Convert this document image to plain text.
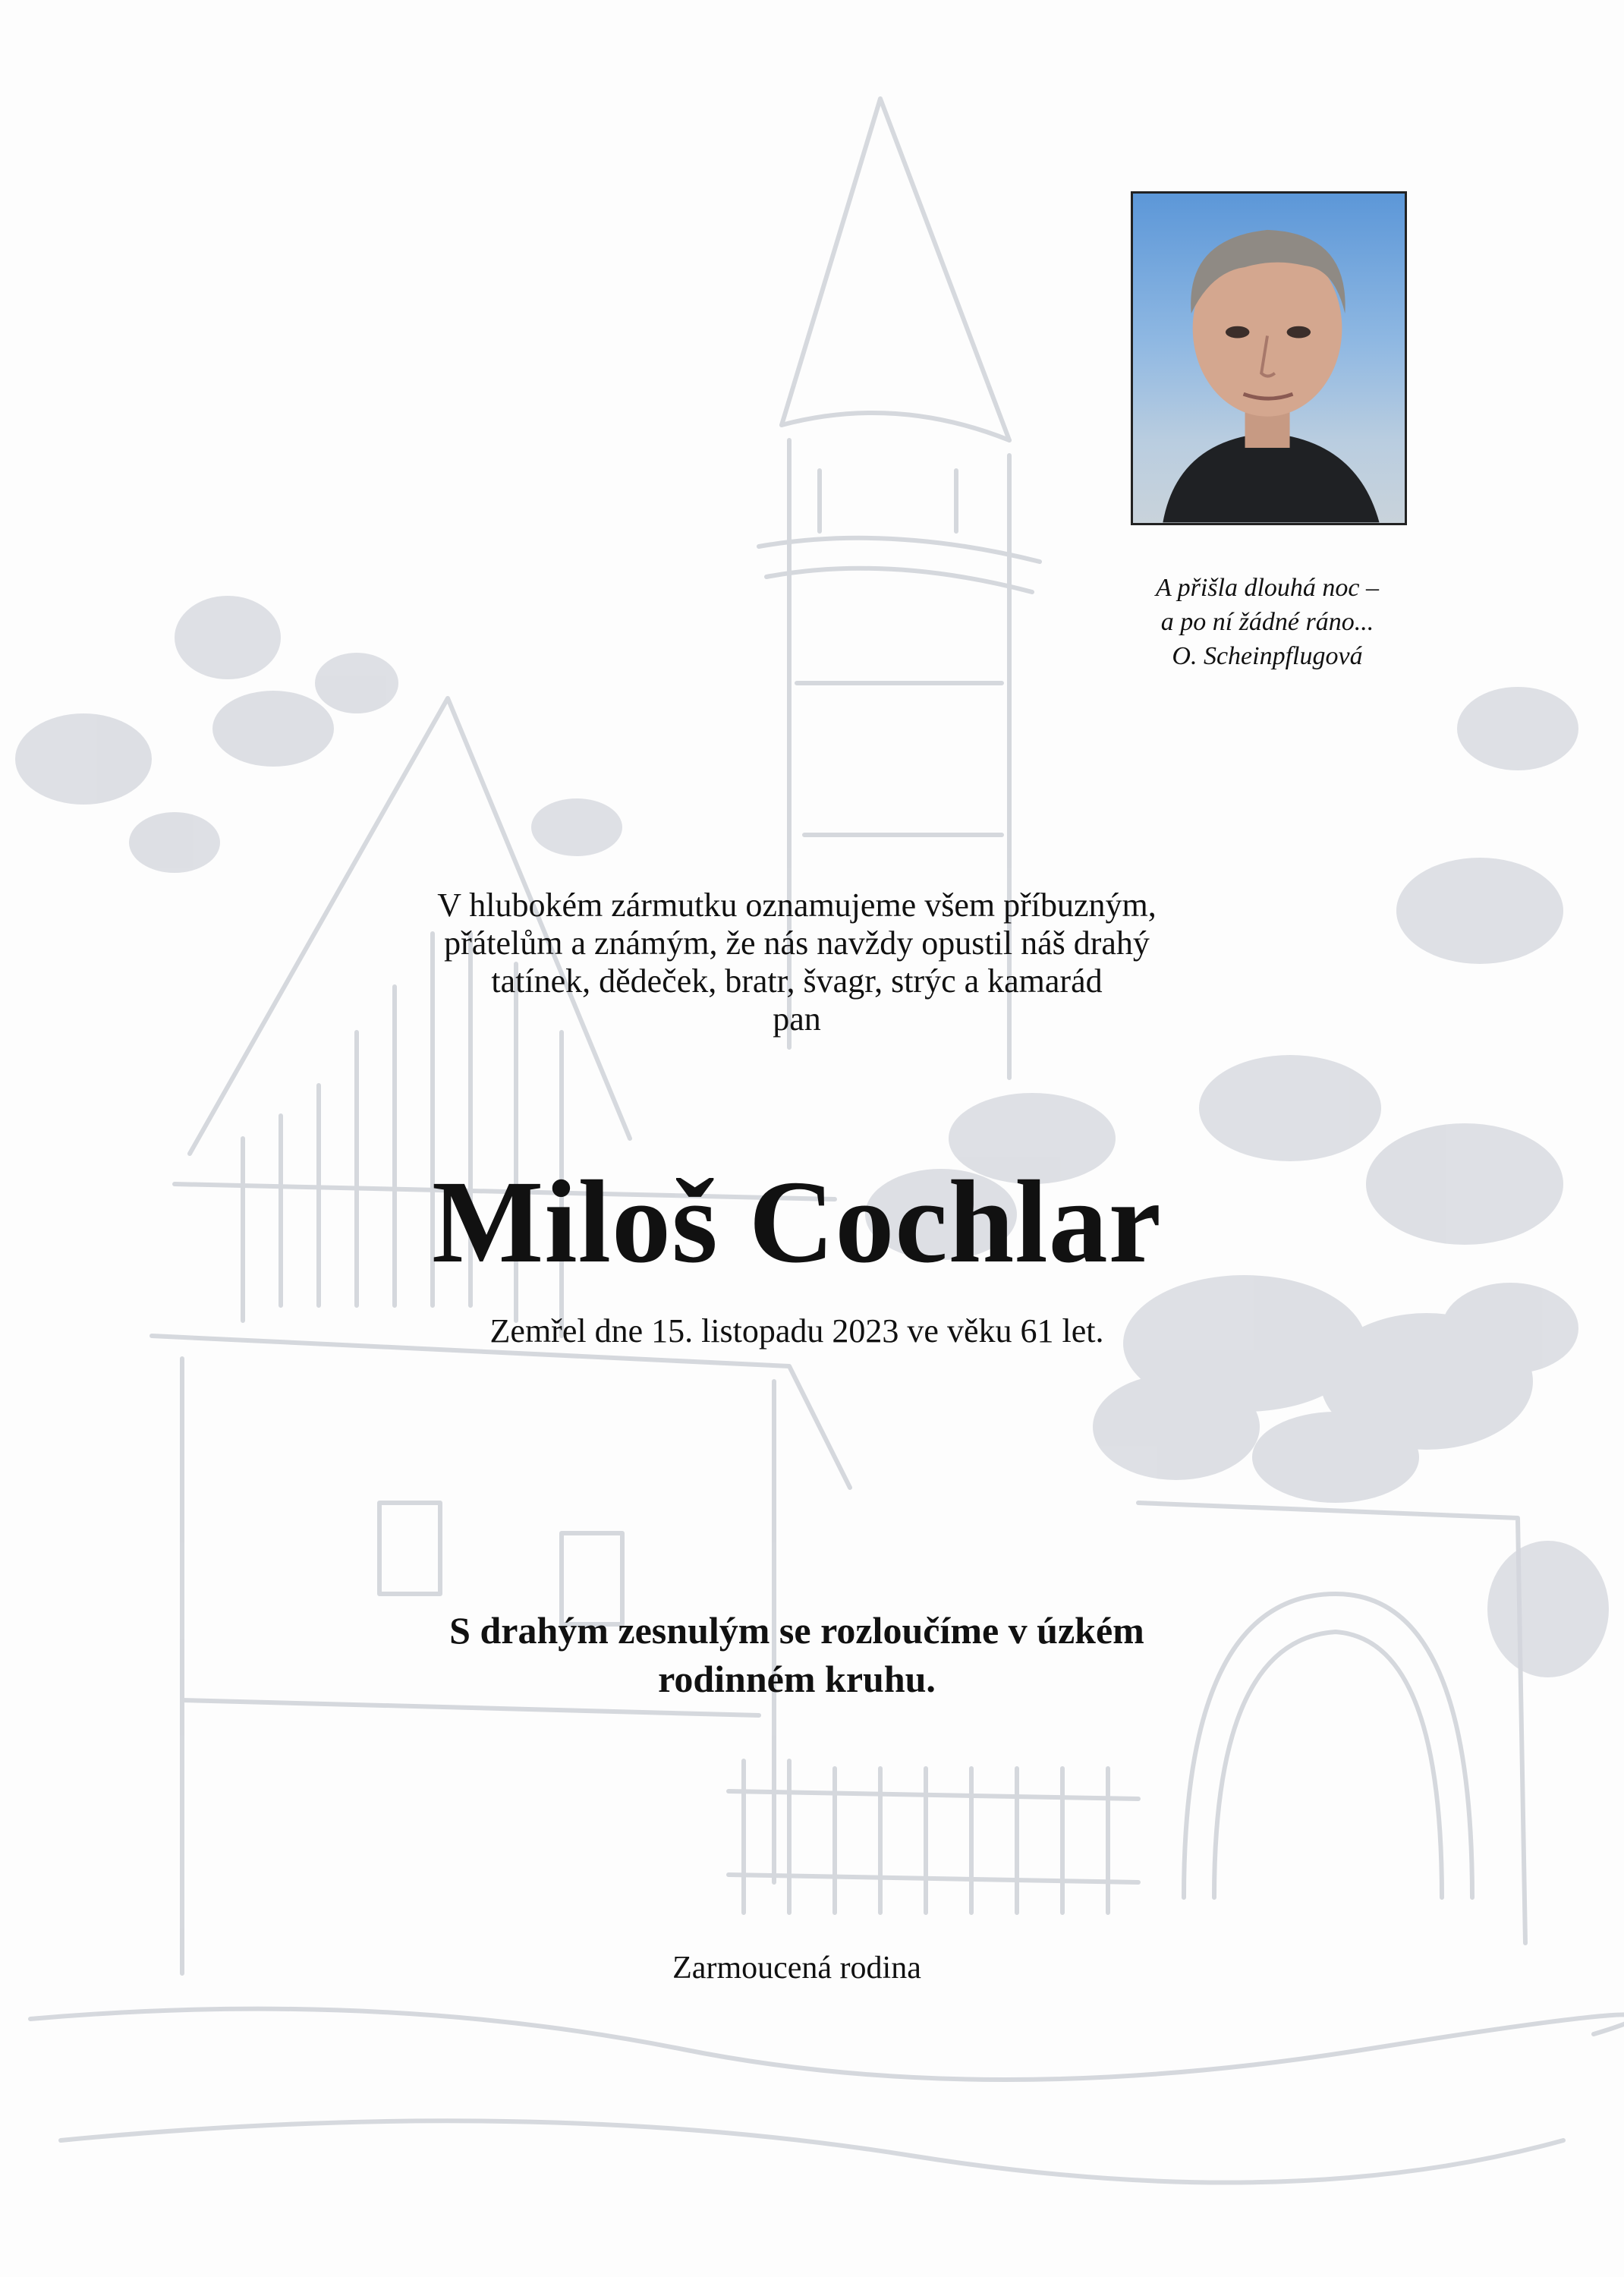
A přišla dlouhá noc –
a po ní žádné ráno...
O. Scheinpflugová
V hlubokém zármutku oznamujeme všem příbuzným,
přátelům a známým, že nás navždy opustil náš drahý
tatínek, dědeček, bratr, švagr, strýc a kamarád
pan
Miloš Cochlar
Zemřel dne 15. listopadu 2023 ve věku 61 let.
S drahým zesnulým se rozloučíme v úzkém
rodinném kruhu.
Zarmoucená rodina
